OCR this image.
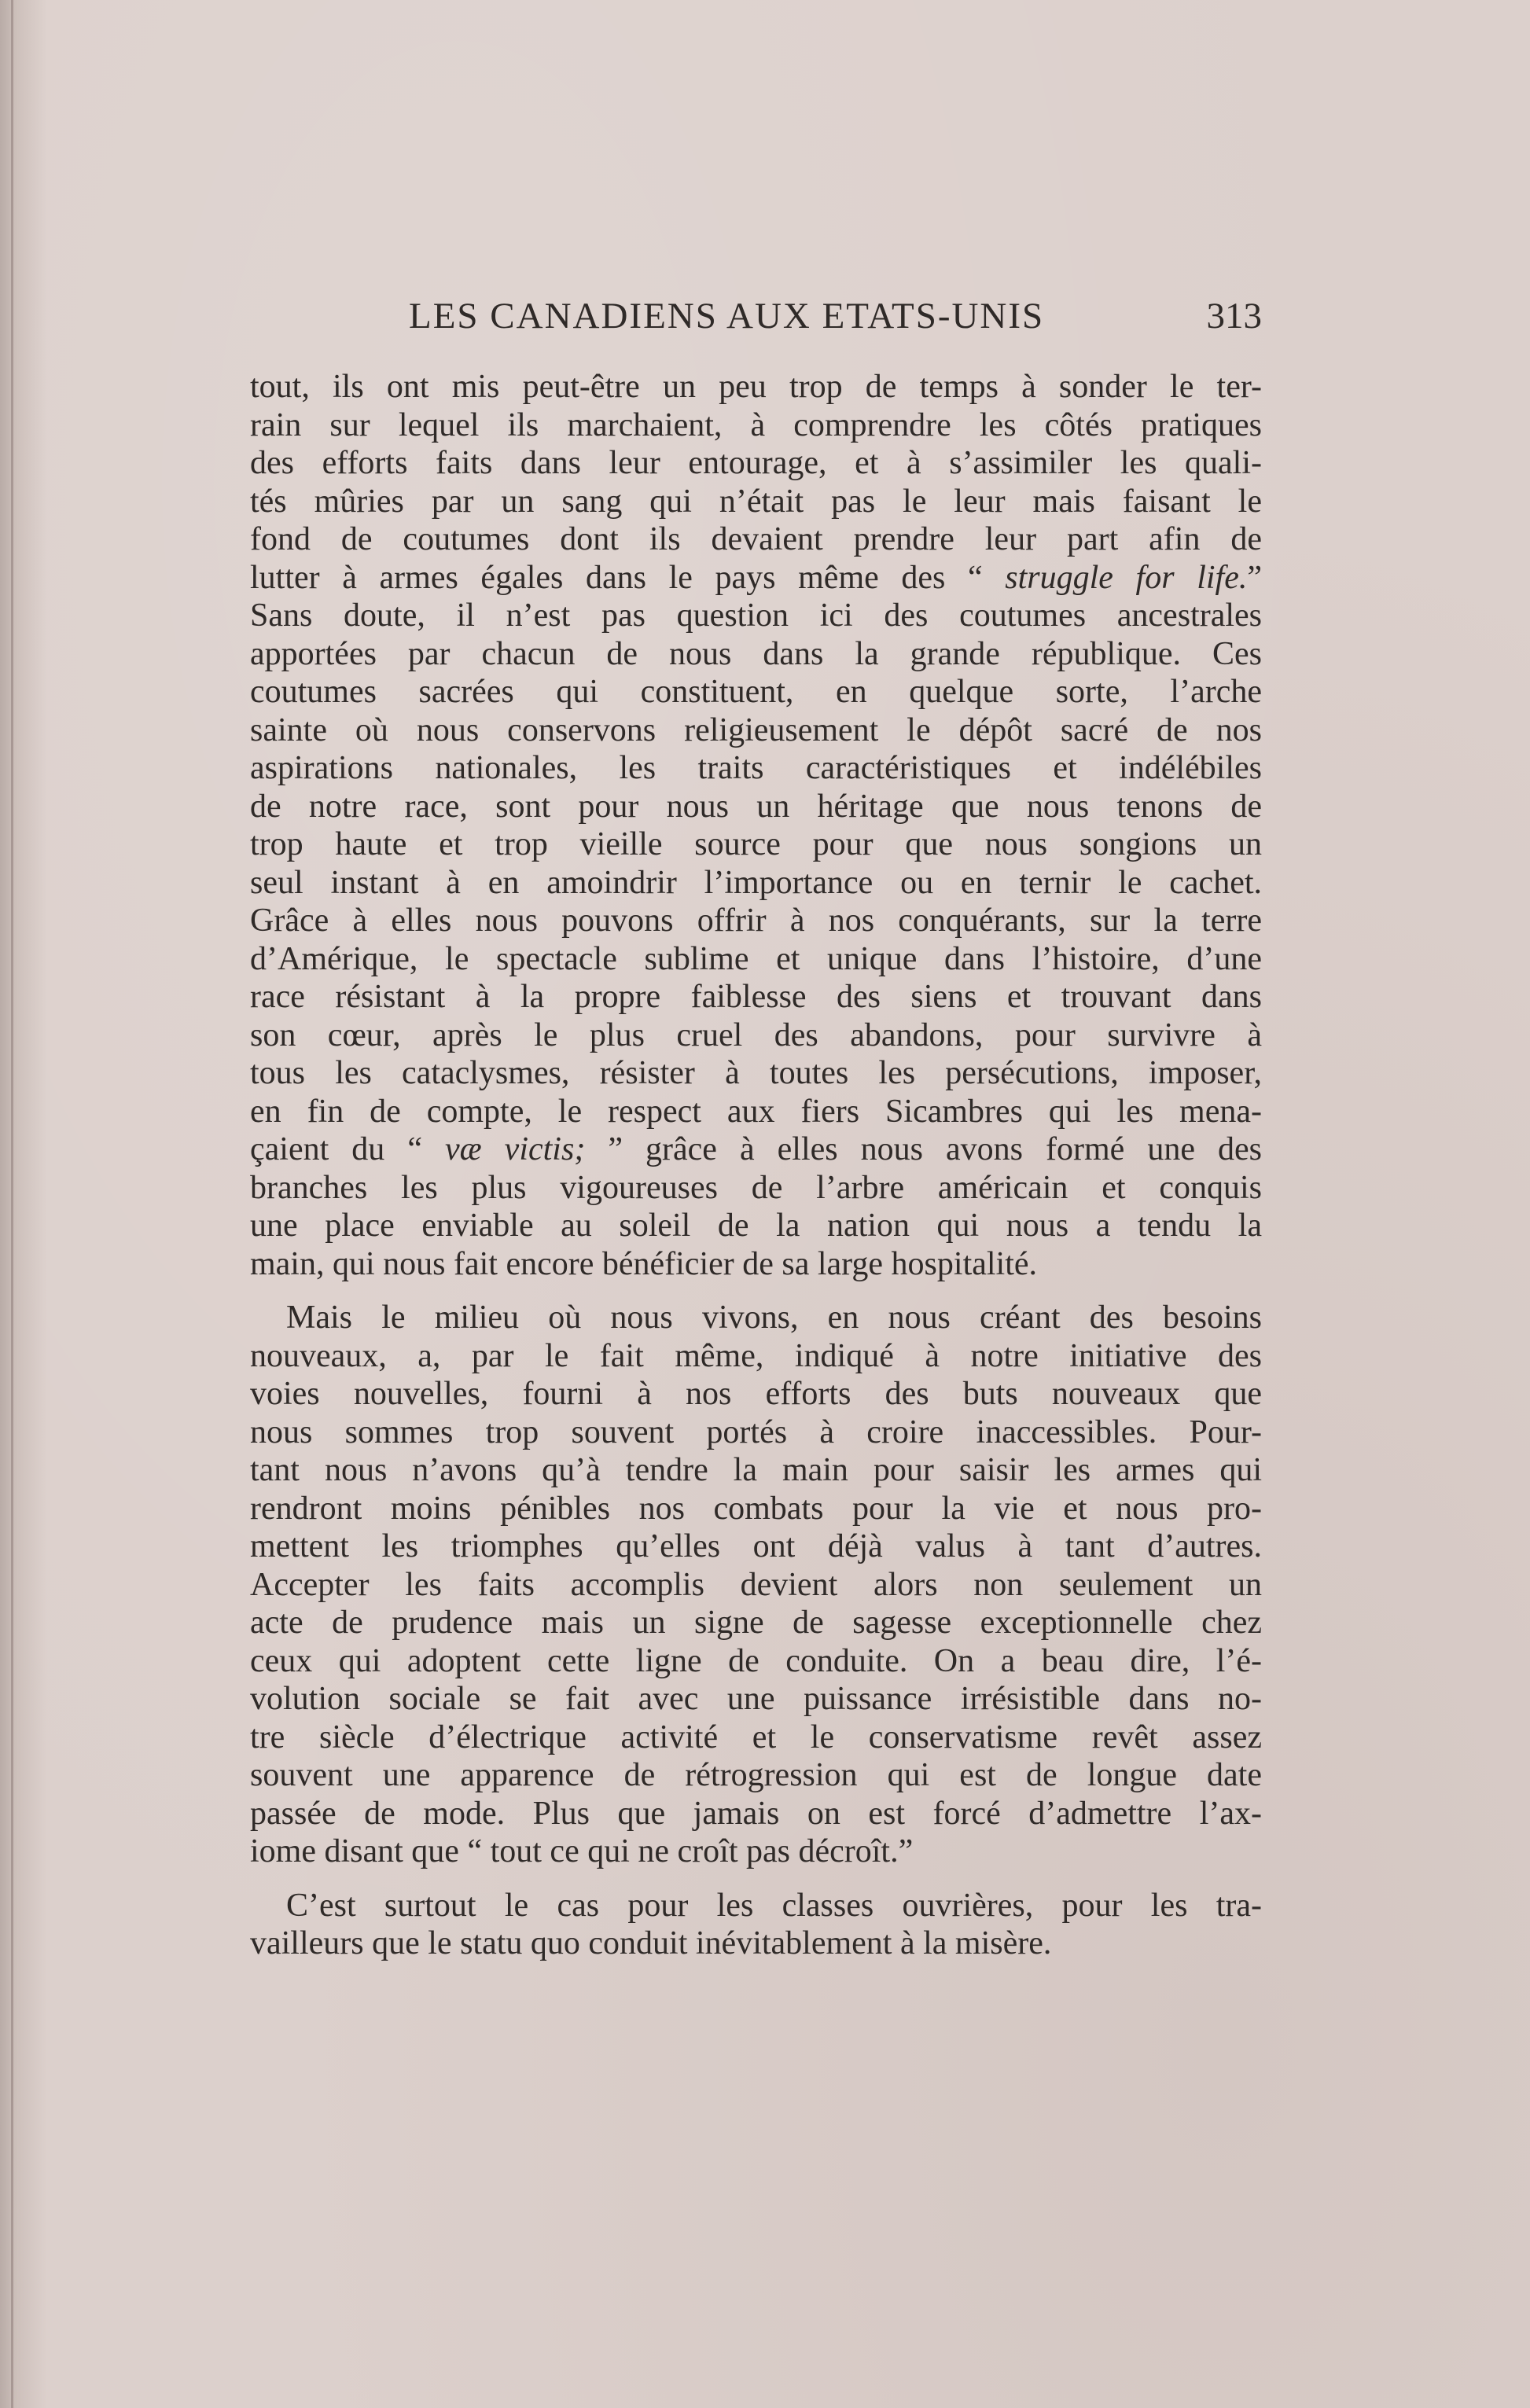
LES CANADIENS AUX ETATS-UNIS	313
tout, ils ont mis peut-être un peu trop de temps à sonder le ter-
rain sur lequel ils marchaient, à comprendre les côtés pratiques
des efforts faits dans leur entourage, et à s’assimiler les quali-
tés mûries par un sang qui n’était pas le leur mais faisant le
fond de coutumes dont ils devaient prendre leur part afin de
lutter à armes égales dans le pays même des “ struggle for life.”
Sans doute, il n’est pas question ici des coutumes ancestrales
apportées par chacun de nous dans la grande république. Ces
coutumes sacrées qui constituent, en quelque sorte, l’arche
sainte où nous conservons religieusement le dépôt sacré de nos
aspirations nationales, les traits caractéristiques et indélébiles
de notre race, sont pour nous un héritage que nous tenons de
trop haute et trop vieille source pour que nous songions un
seul instant à en amoindrir l’importance ou en ternir le cachet.
Grâce à elles nous pouvons offrir à nos conquérants, sur la terre
d’Amérique, le spectacle sublime et unique dans l’histoire, d’une
race résistant à la propre faiblesse des siens et trouvant dans
son cœur, après le plus cruel des abandons, pour survivre à
tous les cataclysmes, résister à toutes les persécutions, imposer,
en fin de compte, le respect aux fiers Sicambres qui les mena-
çaient du “ væ victis; ” grâce à elles nous avons formé une des
branches les plus vigoureuses de l’arbre américain et conquis
une place enviable au soleil de la nation qui nous a tendu la
main, qui nous fait encore bénéficier de sa large hospitalité.
Mais le milieu où nous vivons, en nous créant des besoins
nouveaux, a, par le fait même, indiqué à notre initiative des
voies nouvelles, fourni à nos efforts des buts nouveaux que
nous sommes trop souvent portés à croire inaccessibles. Pour-
tant nous n’avons qu’à tendre la main pour saisir les armes qui
rendront moins pénibles nos combats pour la vie et nous pro-
mettent les triomphes qu’elles ont déjà valus à tant d’autres.
Accepter les faits accomplis devient alors non seulement un
acte de prudence mais un signe de sagesse exceptionnelle chez
ceux qui adoptent cette ligne de conduite. On a beau dire, l’é-
volution sociale se fait avec une puissance irrésistible dans no-
tre siècle d’électrique activité et le conservatisme revêt assez
souvent une apparence de rétrogression qui est de longue date
passée de mode. Plus que jamais on est forcé d’admettre l’ax-
iome disant que “ tout ce qui ne croît pas décroît.”
C’est surtout le cas pour les classes ouvrières, pour les tra-
vailleurs que le statu quo conduit inévitablement à la misère.
